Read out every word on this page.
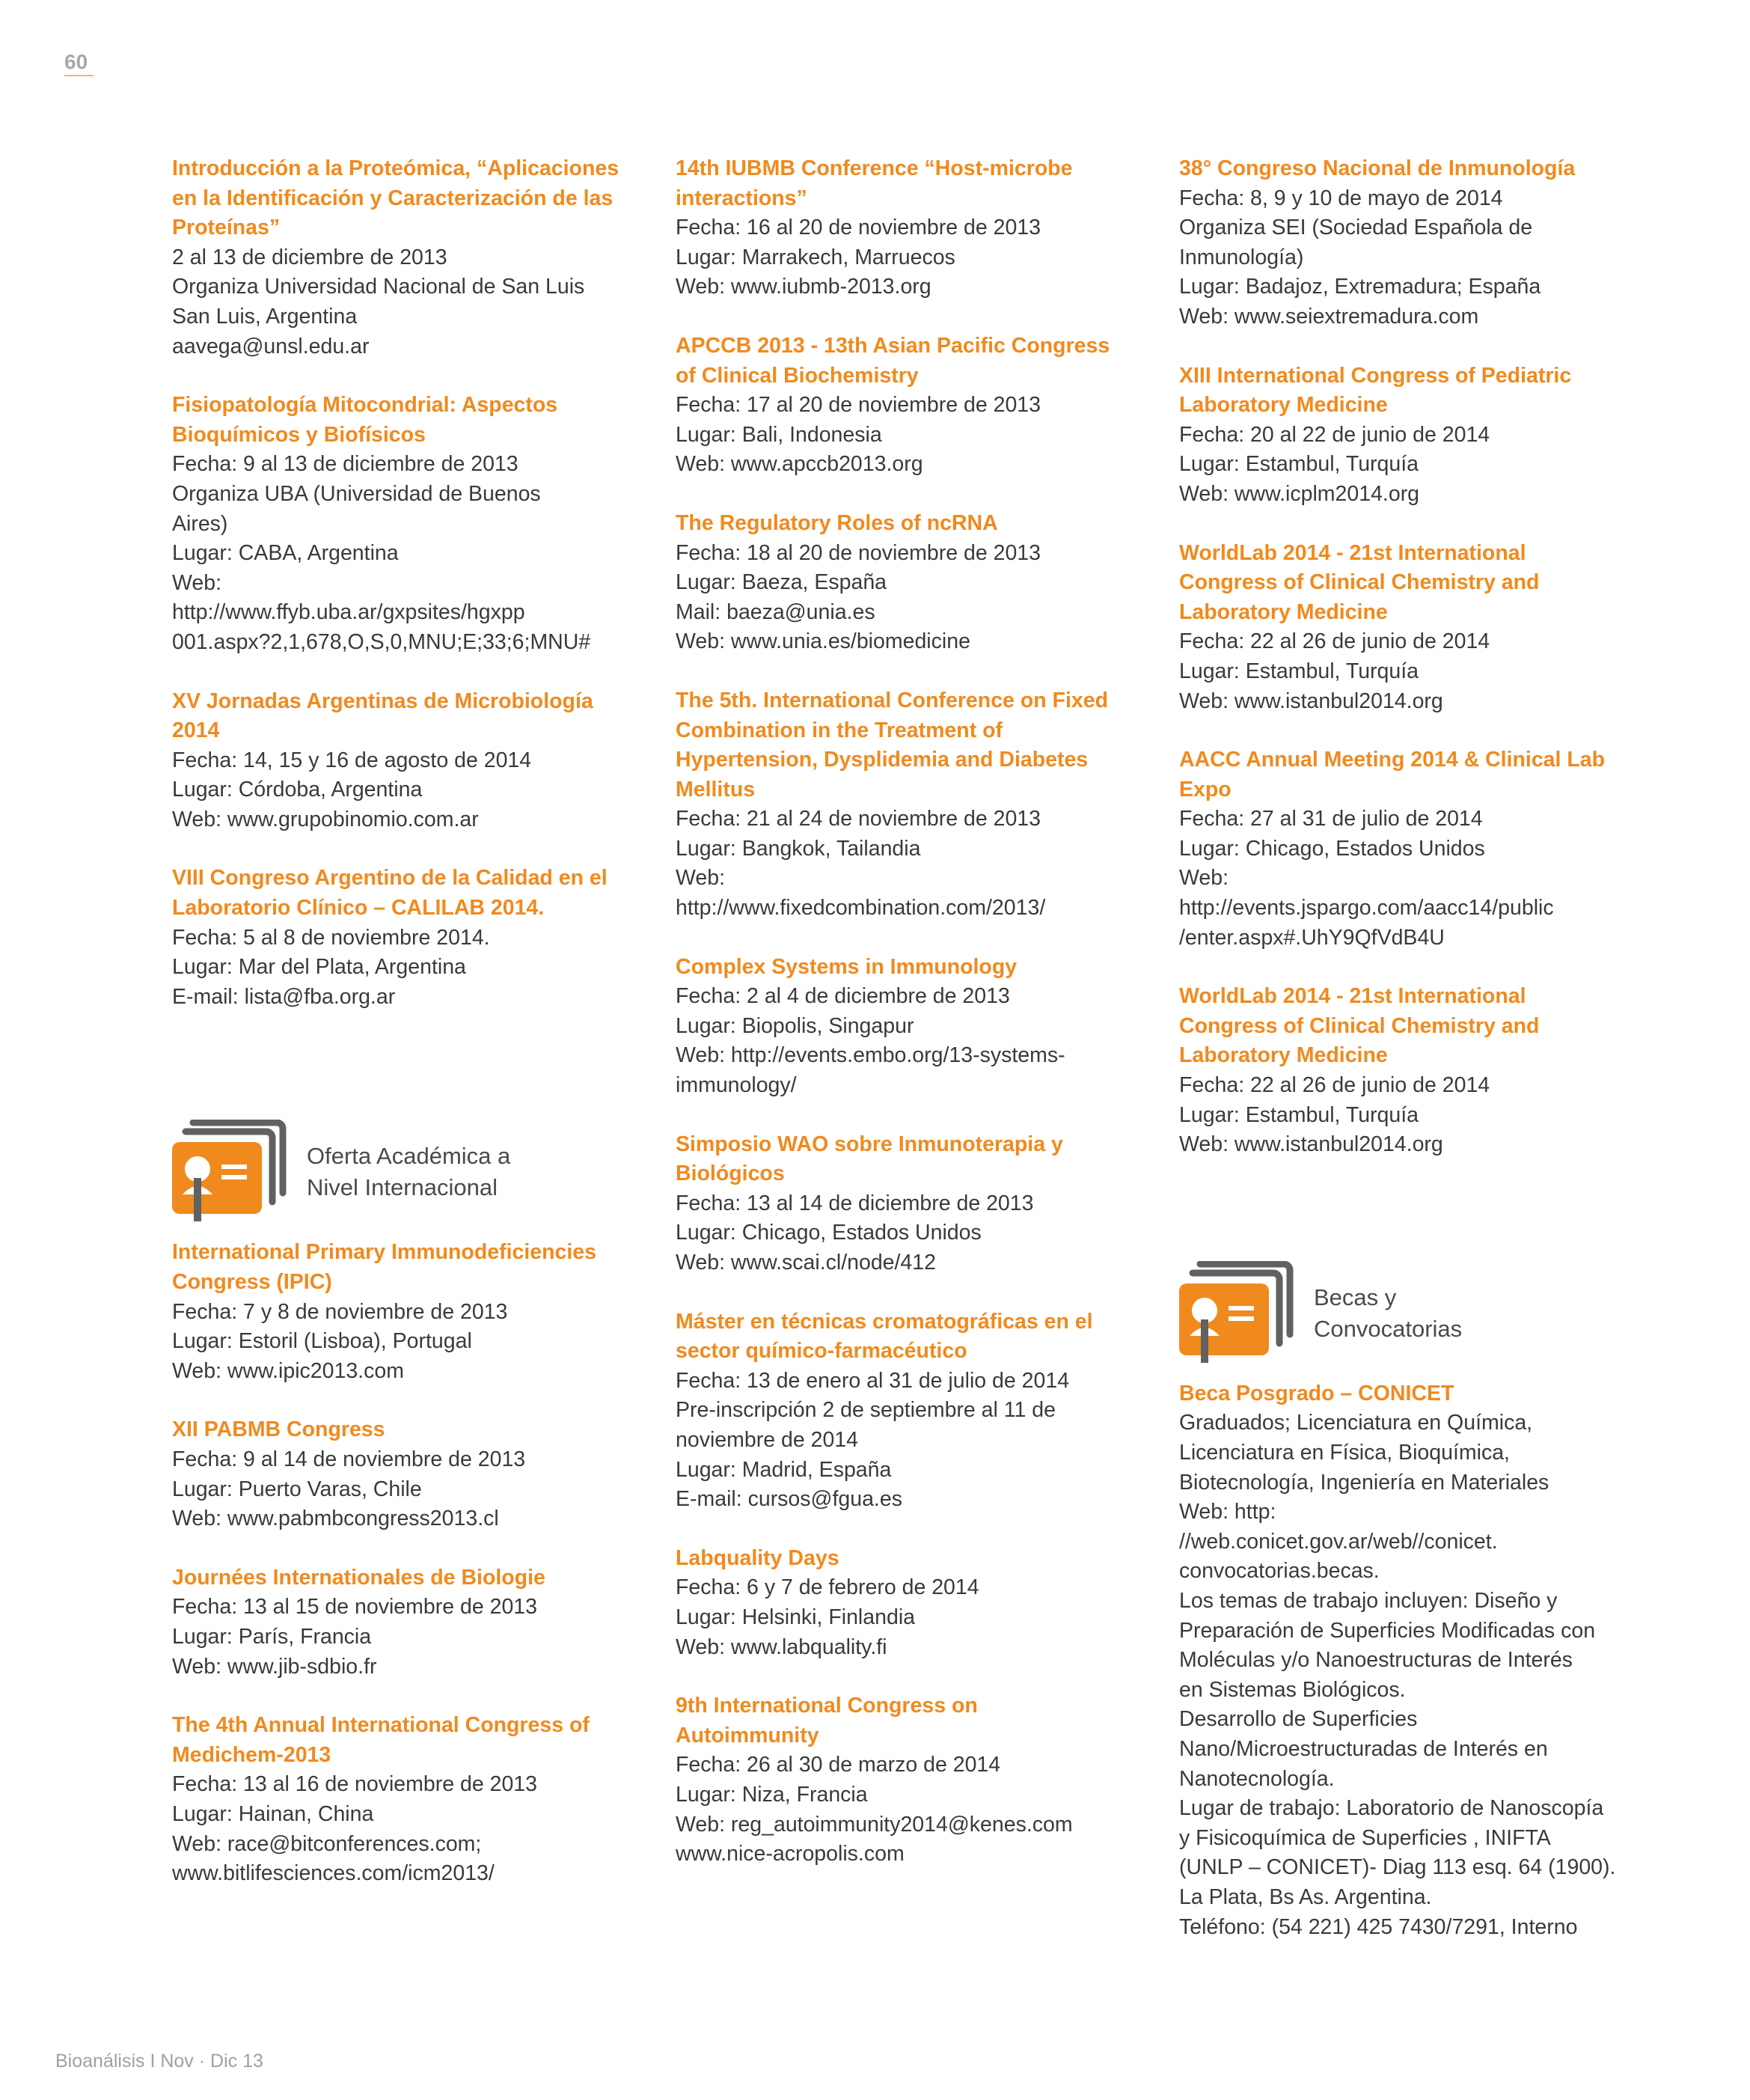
60
Introducción a la Proteómica, “Aplicaciones
en la Identificación y Caracterización de las
Proteínas”
2 al 13 de diciembre de 2013
Organiza Universidad Nacional de San Luis
San Luis, Argentina
aavega@unsl.edu.ar
Fisiopatología Mitocondrial: Aspectos
Bioquímicos y Biofísicos
Fecha: 9 al 13 de diciembre de 2013
Organiza UBA (Universidad de Buenos
Aires)
Lugar: CABA, Argentina
Web:
http://www.ffyb.uba.ar/gxpsites/hgxpp
001.aspx?2,1,678,O,S,0,MNU;E;33;6;MNU#
XV Jornadas Argentinas de Microbiología
2014
Fecha: 14, 15 y 16 de agosto de 2014
Lugar: Córdoba, Argentina
Web: www.grupobinomio.com.ar
VIII Congreso Argentino de la Calidad en el
Laboratorio Clínico – CALILAB 2014.
Fecha: 5 al 8 de noviembre 2014.
Lugar: Mar del Plata, Argentina
E-mail: lista@fba.org.ar
Oferta Académica a
Nivel Internacional
International Primary Immunodeficiencies
Congress (IPIC)
Fecha: 7 y 8 de noviembre de 2013
Lugar: Estoril (Lisboa), Portugal
Web: www.ipic2013.com
XII PABMB Congress
Fecha: 9 al 14 de noviembre de 2013
Lugar: Puerto Varas, Chile
Web: www.pabmbcongress2013.cl
Journées Internationales de Biologie
Fecha: 13 al 15 de noviembre de 2013
Lugar: París, Francia
Web: www.jib-sdbio.fr
The 4th Annual International Congress of
Medichem-2013
Fecha: 13 al 16 de noviembre de 2013
Lugar: Hainan, China
Web: race@bitconferences.com;
www.bitlifesciences.com/icm2013/
14th IUBMB Conference “Host-microbe
interactions”
Fecha: 16 al 20 de noviembre de 2013
Lugar: Marrakech, Marruecos
Web: www.iubmb-2013.org
APCCB 2013 - 13th Asian Pacific Congress
of Clinical Biochemistry
Fecha: 17 al 20 de noviembre de 2013
Lugar: Bali, Indonesia
Web: www.apccb2013.org
The Regulatory Roles of ncRNA
Fecha: 18 al 20 de noviembre de 2013
Lugar: Baeza, España
Mail: baeza@unia.es
Web: www.unia.es/biomedicine
The 5th. International Conference on Fixed
Combination in the Treatment of
Hypertension, Dysplidemia and Diabetes
Mellitus
Fecha: 21 al 24 de noviembre de 2013
Lugar: Bangkok, Tailandia
Web:
http://www.fixedcombination.com/2013/
Complex Systems in Immunology
Fecha: 2 al 4 de diciembre de 2013
Lugar: Biopolis, Singapur
Web: http://events.embo.org/13-systems-
immunology/
Simposio WAO sobre Inmunoterapia y
Biológicos
Fecha: 13 al 14 de diciembre de 2013
Lugar: Chicago, Estados Unidos
Web: www.scai.cl/node/412
Máster en técnicas cromatográficas en el
sector químico-farmacéutico
Fecha: 13 de enero al 31 de julio de 2014
Pre-inscripción 2 de septiembre al 11 de
noviembre de 2014
Lugar: Madrid, España
E-mail: cursos@fgua.es
Labquality Days
Fecha: 6 y 7 de febrero de 2014
Lugar: Helsinki, Finlandia
Web: www.labquality.fi
9th International Congress on
Autoimmunity
Fecha: 26 al 30 de marzo de 2014
Lugar: Niza, Francia
Web: reg_autoimmunity2014@kenes.com
www.nice-acropolis.com
38° Congreso Nacional de Inmunología
Fecha: 8, 9 y 10 de mayo de 2014
Organiza SEI (Sociedad Española de
Inmunología)
Lugar: Badajoz, Extremadura; España
Web: www.seiextremadura.com
XIII International Congress of Pediatric
Laboratory Medicine
Fecha: 20 al 22 de junio de 2014
Lugar: Estambul, Turquía
Web: www.icplm2014.org
WorldLab 2014 - 21st International
Congress of Clinical Chemistry and
Laboratory Medicine
Fecha: 22 al 26 de junio de 2014
Lugar: Estambul, Turquía
Web: www.istanbul2014.org
AACC Annual Meeting 2014 & Clinical Lab
Expo
Fecha: 27 al 31 de julio de 2014
Lugar: Chicago, Estados Unidos
Web:
http://events.jspargo.com/aacc14/public
/enter.aspx#.UhY9QfVdB4U
WorldLab 2014 - 21st International
Congress of Clinical Chemistry and
Laboratory Medicine
Fecha: 22 al 26 de junio de 2014
Lugar: Estambul, Turquía
Web: www.istanbul2014.org
Becas y
Convocatorias
Beca Posgrado – CONICET
Graduados; Licenciatura en Química,
Licenciatura en Física, Bioquímica,
Biotecnología, Ingeniería en Materiales
Web: http:
//web.conicet.gov.ar/web//conicet.
convocatorias.becas.
Los temas de trabajo incluyen: Diseño y
Preparación de Superficies Modificadas con
Moléculas y/o Nanoestructuras de Interés
en Sistemas Biológicos.
Desarrollo de Superficies
Nano/Microestructuradas de Interés en
Nanotecnología.
Lugar de trabajo: Laboratorio de Nanoscopía
y Fisicoquímica de Superficies , INIFTA
(UNLP – CONICET)- Diag 113 esq. 64 (1900).
La Plata, Bs As. Argentina.
Teléfono: (54 221) 425 7430/7291, Interno
Bioanálisis I Nov · Dic 13
